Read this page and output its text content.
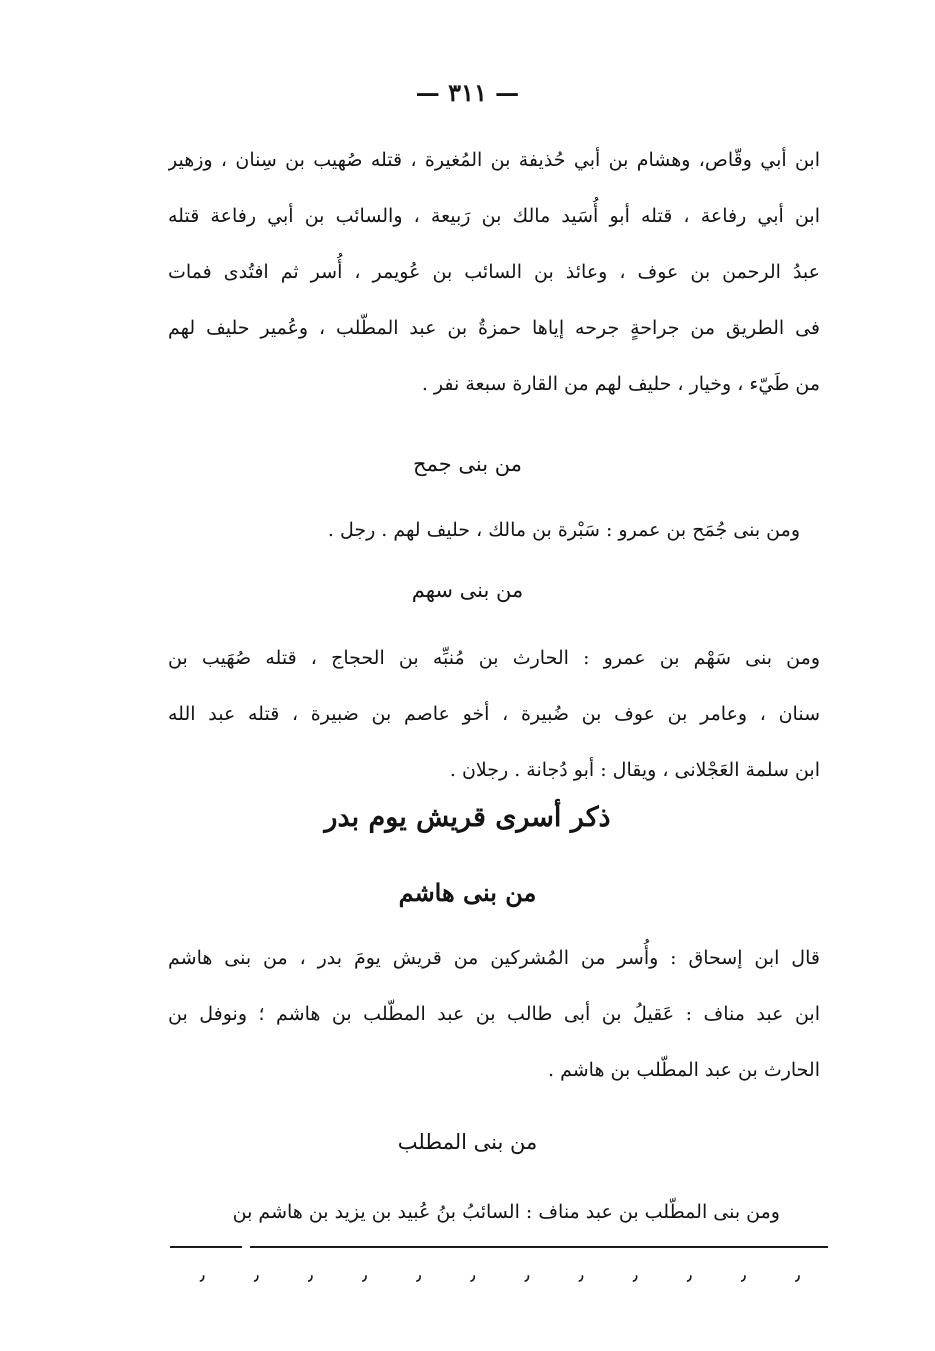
— ٣١١ —
ابن أبي وقّاص، وهشام بن أبي حُذيفة بن المُغيرة ، قتله صُهيب بن سِنان ، وزهير
ابن أبي رفاعة ، قتله أبو أُسَيد مالك بن رَبيعة ، والسائب بن أبي رفاعة قتله
عبدُ الرحمن بن عوف ، وعائذ بن السائب بن عُويمر ، أُسر ثم افتُدى فمات
فى الطريق من جراحةٍ جرحه إياها حمزةُ بن عبد المطّلب ، وعُمير حليف لهم
من طَيّء ، وخيار ، حليف لهم من القارة سبعة نفر .
من بنى جمح
ومن بنى جُمَح بن عمرو : سَبْرة بن مالك ، حليف لهم . رجل .
من بنى سهم
ومن بنى سَهْم بن عمرو : الحارث بن مُنبِّه بن الحجاج ، قتله صُهَيب بن
سنان ، وعامر بن عوف بن ضُبيرة ، أخو عاصم بن ضبيرة ، قتله عبد الله
ابن سلمة العَجْلانى ، ويقال : أبو دُجانة . رجلان .
ذكر أسرى قريش يوم بدر
من بنى هاشم
قال ابن إسحاق : وأُسر من المُشركين من قريش يومَ بدر ، من بنى هاشم
ابن عبد مناف : عَقيلُ بن أبى طالب بن عبد المطّلب بن هاشم ؛ ونوفل بن
الحارث بن عبد المطّلب بن هاشم .
من بنى المطلب
ومن بنى المطّلب بن عبد مناف : السائبُ بنُ عُبيد بن يزيد بن هاشم بن
٫	٫	٫	٫	٫	٫	٫	٫	٫	٫	٫	٫
